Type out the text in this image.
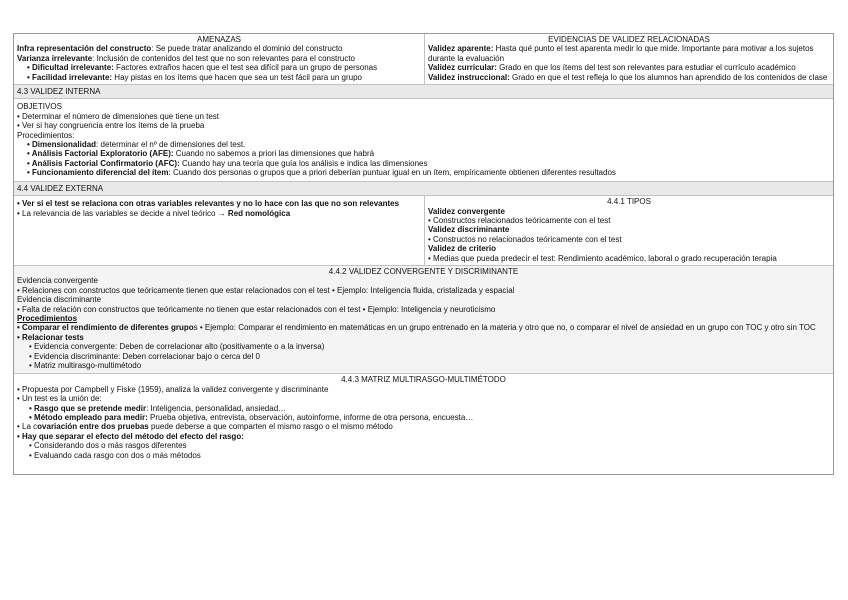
AMENAZAS
Infra representación del constructo: Se puede tratar analizando el dominio del constructo
Varianza irrelevante: Inclusión de contenidos del test que no son relevantes para el constructo
• Dificultad irrelevante: Factores extraños hacen que el test sea difícil para un grupo de personas
• Facilidad irrelevante: Hay pistas en los ítems que hacen que sea un test fácil para un grupo
EVIDENCIAS DE VALIDEZ RELACIONADAS
Validez aparente: Hasta qué punto el test aparenta medir lo que mide. Importante para motivar a los sujetos durante la evaluación
Validez curricular: Grado en que los ítems del test son relevantes para estudiar el currículo académico
Validez instruccional: Grado en que el test refleja lo que los alumnos han aprendido de los contenidos de clase
4.3 VALIDEZ INTERNA
OBJETIVOS
• Determinar el número de dimensiones que tiene un test
• Ver si hay congruencia entre los ítems de la prueba
Procedimientos:
• Dimensionalidad: determinar el nº de dimensiones del test.
• Análisis Factorial Exploratorio (AFE): Cuando no sabemos a priori las dimensiones que habrá
• Análisis Factorial Confirmatorio (AFC): Cuando hay una teoría que guía los análisis e indica las dimensiones
• Funcionamiento diferencial del ítem: Cuando dos personas o grupos que a priori deberían puntuar igual en un ítem, empíricamente obtienen diferentes resultados
4.4 VALIDEZ EXTERNA
• Ver si el test se relaciona con otras variables relevantes y no lo hace con las que no son relevantes
• La relevancia de las variables se decide a nivel teórico → Red nomológica
4.4.1 TIPOS
Validez convergente
• Constructos relacionados teóricamente con el test
Validez discriminante
• Constructos no relacionados teóricamente con el test
Validez de criterio
• Medias que pueda predecir el test: Rendimiento académico, laboral o grado recuperación terapia
4.4.2 VALIDEZ CONVERGENTE Y DISCRIMINANTE
Evidencia convergente
• Relaciones con constructos que teóricamente tienen que estar relacionados con el test • Ejemplo: Inteligencia fluida, cristalizada y espacial
Evidencia discriminante
• Falta de relación con constructos que teóricamente no tienen que estar relacionados con el test • Ejemplo: Inteligencia y neuroticismo
Procedimientos
• Comparar el rendimiento de diferentes grupos • Ejemplo: Comparar el rendimiento en matemáticas en un grupo entrenado en la materia y otro que no, o comparar el nivel de ansiedad en un grupo con TOC y otro sin TOC
• Relacionar tests
• Evidencia convergente: Deben de correlacionar alto (positivamente o a la inversa)
• Evidencia discriminante: Deben correlacionar bajo o cerca del 0
• Matriz multirasgo-multimétodo
4.4.3 MATRIZ MULTIRASGO-MULTIMÉTODO
• Propuesta por Campbell y Fiske (1959), analiza la validez convergente y discriminante
• Un test es la unión de:
• Rasgo que se pretende medir: Inteligencia, personalidad, ansiedad…
• Método empleado para medir: Prueba objetiva, entrevista, observación, autoinforme, informe de otra persona, encuesta…
• La covariación entre dos pruebas puede deberse a que comparten el mismo rasgo o el mismo método
• Hay que separar el efecto del método del efecto del rasgo:
• Considerando dos o más rasgos diferentes
• Evaluando cada rasgo con dos o más métodos
